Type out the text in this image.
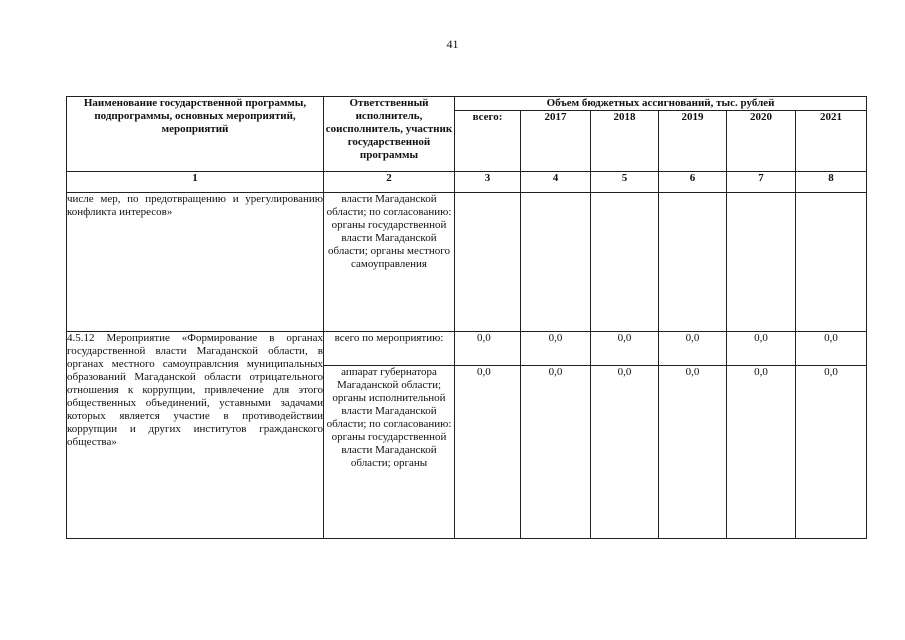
41
Наименование государственной программы, подпрограммы, основных мероприятий, мероприятий	Ответственный исполнитель, соисполнитель, участник государственной программы	Объем бюджетных ассигнований, тыс. рублей					
		всего:	2017	2018	2019	2020	2021
1	2	3	4	5	6	7	8
числе мер, по предотвращению и урегулированию конфликта интересов»	власти Магаданской области; по согласованию: органы государственной власти Магаданской области; органы местного самоуправления						
4.5.12 Мероприятие «Формирование в органах государственной власти Магаданской области, в органах местного самоуправлсния муниципальных образований Магаданской области отрицательного отношения к коррупции, привлечение для этого общественных объединений, уставными задачами которых является участие в противодействии коррупции и других институтов гражданского общества»	всего по мероприятию:	0,0	0,0	0,0	0,0	0,0	0,0
	аппарат губернатора Магаданской области; органы исполнительной власти Магаданской области; по согласованию: органы государственной власти Магаданской области; органы	0,0	0,0	0,0	0,0	0,0	0,0
